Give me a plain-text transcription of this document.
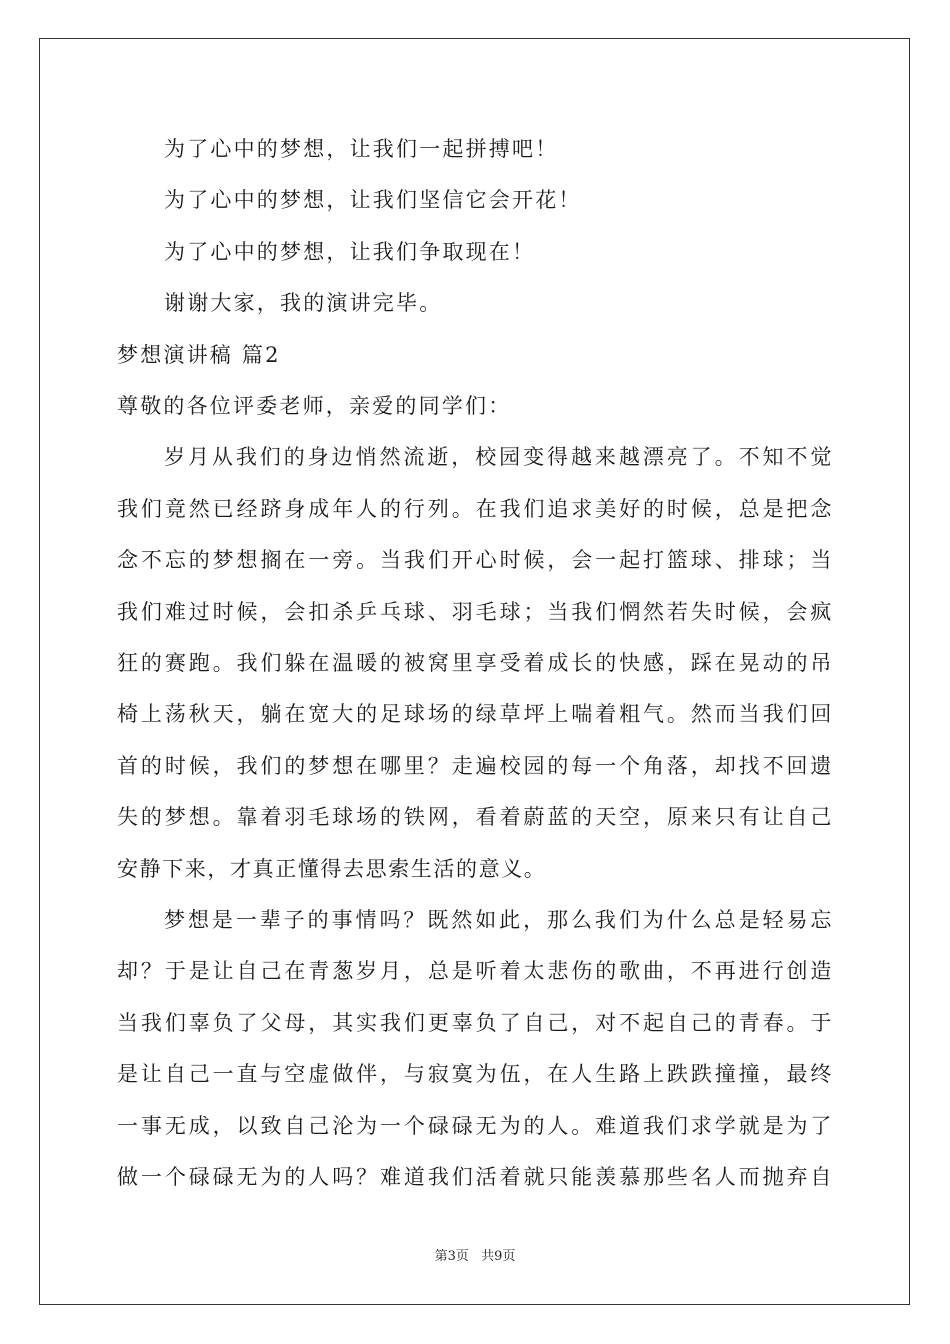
为了心中的梦想，让我们一起拼搏吧！
为了心中的梦想，让我们坚信它会开花！
为了心中的梦想，让我们争取现在！
谢谢大家，我的演讲完毕。
梦想演讲稿 篇2
尊敬的各位评委老师，亲爱的同学们：
岁月从我们的身边悄然流逝，校园变得越来越漂亮了。不知不觉
我们竟然已经跻身成年人的行列。在我们追求美好的时候，总是把念
念不忘的梦想搁在一旁。当我们开心时候，会一起打篮球、排球；当
我们难过时候，会扣杀乒乓球、羽毛球；当我们惘然若失时候，会疯
狂的赛跑。我们躲在温暖的被窝里享受着成长的快感，踩在晃动的吊
椅上荡秋天，躺在宽大的足球场的绿草坪上喘着粗气。然而当我们回
首的时候，我们的梦想在哪里？走遍校园的每一个角落，却找不回遗
失的梦想。靠着羽毛球场的铁网，看着蔚蓝的天空，原来只有让自己
安静下来，才真正懂得去思索生活的意义。
梦想是一辈子的事情吗？既然如此，那么我们为什么总是轻易忘
却？于是让自己在青葱岁月，总是听着太悲伤的歌曲，不再进行创造
当我们辜负了父母，其实我们更辜负了自己，对不起自己的青春。于
是让自己一直与空虚做伴，与寂寞为伍，在人生路上跌跌撞撞，最终
一事无成，以致自己沦为一个碌碌无为的人。难道我们求学就是为了
做一个碌碌无为的人吗？难道我们活着就只能羡慕那些名人而抛弃自
第3页 共9页
